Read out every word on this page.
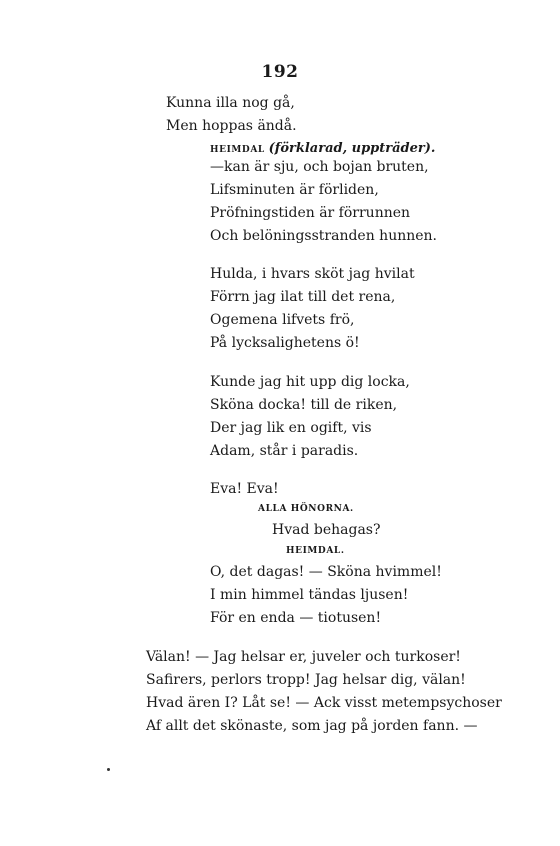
192
Kunna illa nog gå,
Men hoppas ändå.
HEIMDAL (förklarad, uppträder).
—kan är sju, och bojan bruten,
Lifsminuten är förliden,
Pröfningstiden är förrunnen
Och belöningsstranden hunnen.
Hulda, i hvars sköt jag hvilat
Förrn jag ilat till det rena,
Ogemena lifvets frö,
På lycksalighetens ö!
Kunde jag hit upp dig locka,
Sköna docka! till de riken,
Der jag lik en ogift, vis
Adam, står i paradis.
Eva! Eva!
ALLA HÖNORNA.
Hvad behagas?
HEIMDAL.
O, det dagas! — Sköna hvimmel!
I min himmel tändas ljusen!
För en enda — tiotusen!
Välan! — Jag helsar er, juveler och turkoser!
Safirers, perlors tropp! Jag helsar dig, välan!
Hvad ären I? Låt se! — Ack visst metempsychoser
Af allt det skönaste, som jag på jorden fann. —
